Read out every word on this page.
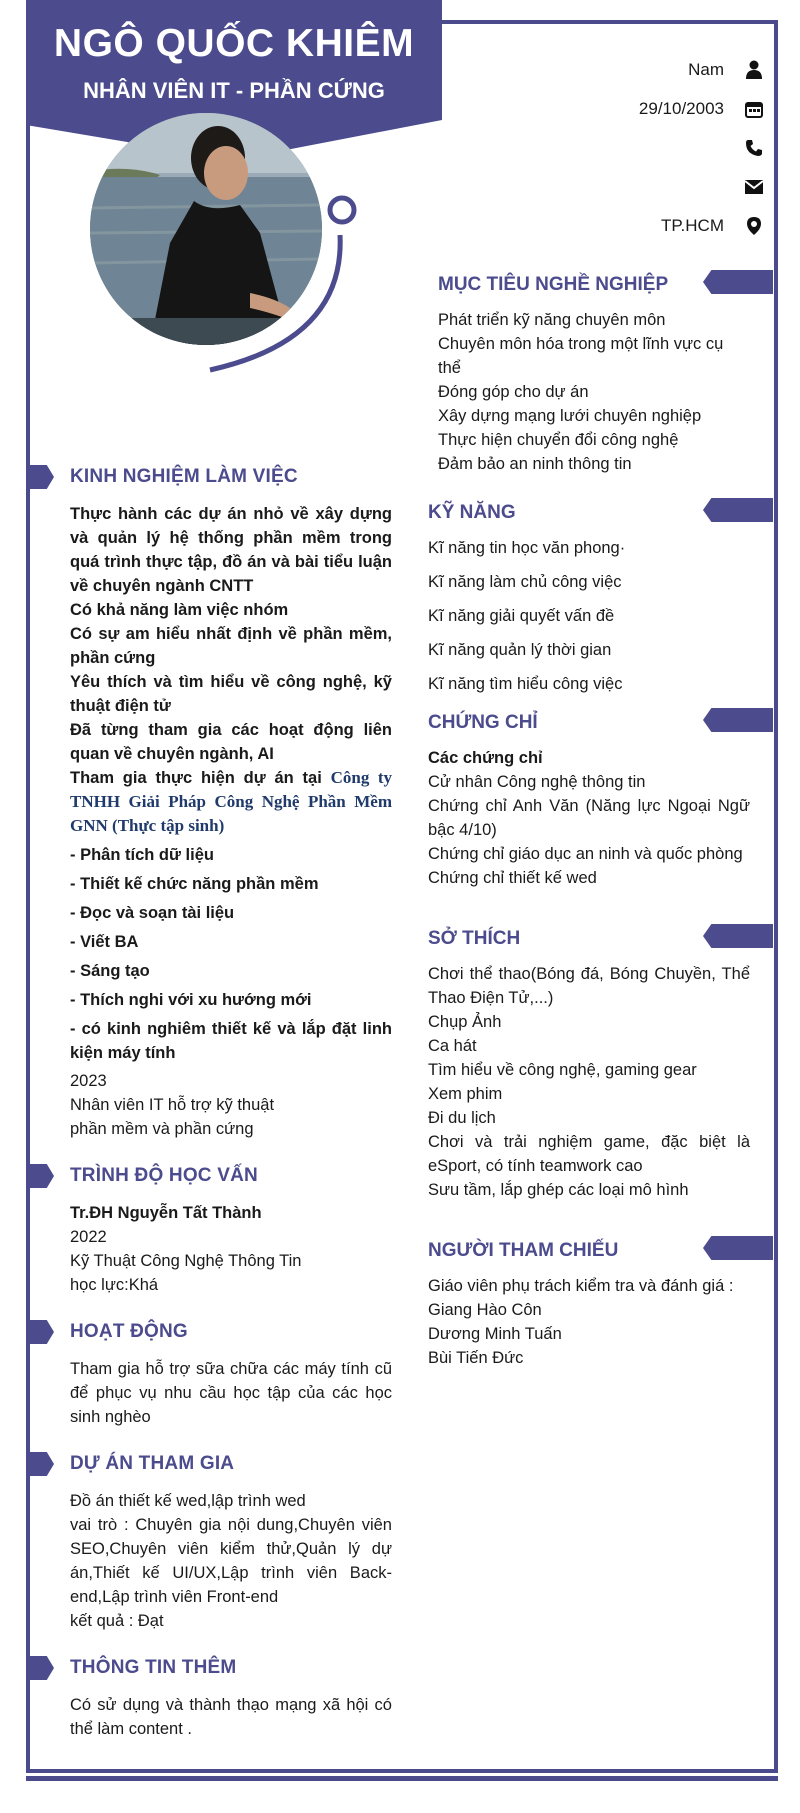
NGÔ QUỐC KHIÊM
NHÂN VIÊN IT - PHẦN CỨNG
Nam
29/10/2003
TP.HCM
KINH NGHIỆM LÀM VIỆC
Thực hành các dự án nhỏ về xây dựng và quản lý hệ thống phần mềm trong quá trình thực tập, đồ án và bài tiểu luận về chuyên ngành CNTT
Có khả năng làm việc nhóm
Có sự am hiểu nhất định về phần mềm, phần cứng
Yêu thích và tìm hiểu về công nghệ, kỹ thuật điện tử
Đã từng tham gia các hoạt động liên quan về chuyên ngành, AI
Tham gia thực hiện dự án tại Công ty TNHH Giải Pháp Công Nghệ Phần Mềm GNN (Thực tập sinh)
- Phân tích dữ liệu
- Thiết kế chức năng phần mềm
- Đọc và soạn tài liệu
- Viết BA
- Sáng tạo
- Thích nghi với xu hướng mới
- có kinh nghiêm thiết kế và lắp đặt linh kiện máy tính
2023
Nhân viên IT hỗ trợ kỹ thuật
phần mềm và phần cứng
TRÌNH ĐỘ HỌC VẤN
Tr.ĐH Nguyễn Tất Thành
2022
Kỹ Thuật Công Nghệ Thông Tin
học lực:Khá
HOẠT ĐỘNG
Tham gia hỗ trợ sữa chữa các máy tính cũ để phục vụ nhu cầu học tập của các học sinh nghèo
DỰ ÁN THAM GIA
Đồ án thiết kế wed,lập trình wed
vai trò : Chuyên gia nội dung,Chuyên viên SEO,Chuyên viên kiểm thử,Quản lý dự án,Thiết kế UI/UX,Lập trình viên Back-end,Lập trình viên Front-end
kết quả : Đạt
THÔNG TIN THÊM
Có sử dụng và thành thạo mạng xã hội có thể làm content .
MỤC TIÊU NGHỀ NGHIỆP
Phát triển kỹ năng chuyên môn
Chuyên môn hóa trong một lĩnh vực cụ thể
Đóng góp cho dự án
Xây dựng mạng lưới chuyên nghiệp
Thực hiện chuyển đổi công nghệ
Đảm bảo an ninh thông tin
KỸ NĂNG
Kĩ năng tin học văn phong·
Kĩ năng làm chủ công việc
Kĩ năng giải quyết vấn đề
Kĩ năng quản lý thời gian
Kĩ năng tìm hiểu công việc
CHỨNG CHỈ
Các chứng chỉ
Cử nhân Công nghệ thông tin
Chứng chỉ Anh Văn (Năng lực Ngoại Ngữ bậc 4/10)
Chứng chỉ giáo dục an ninh và quốc phòng
Chứng chỉ thiết kế wed
SỞ THÍCH
Chơi thể thao(Bóng đá, Bóng Chuyền, Thể Thao Điện Tử,...)
Chụp Ảnh
Ca hát
Tìm hiểu về công nghệ, gaming gear
Xem phim
Đi du lịch
Chơi và trải nghiệm game, đặc biệt là eSport, có tính teamwork cao
Sưu tầm, lắp ghép các loại mô hình
NGƯỜI THAM CHIẾU
Giáo viên phụ trách kiểm tra và đánh giá :
Giang Hào Côn
Dương Minh Tuấn
Bùi Tiến Đức
